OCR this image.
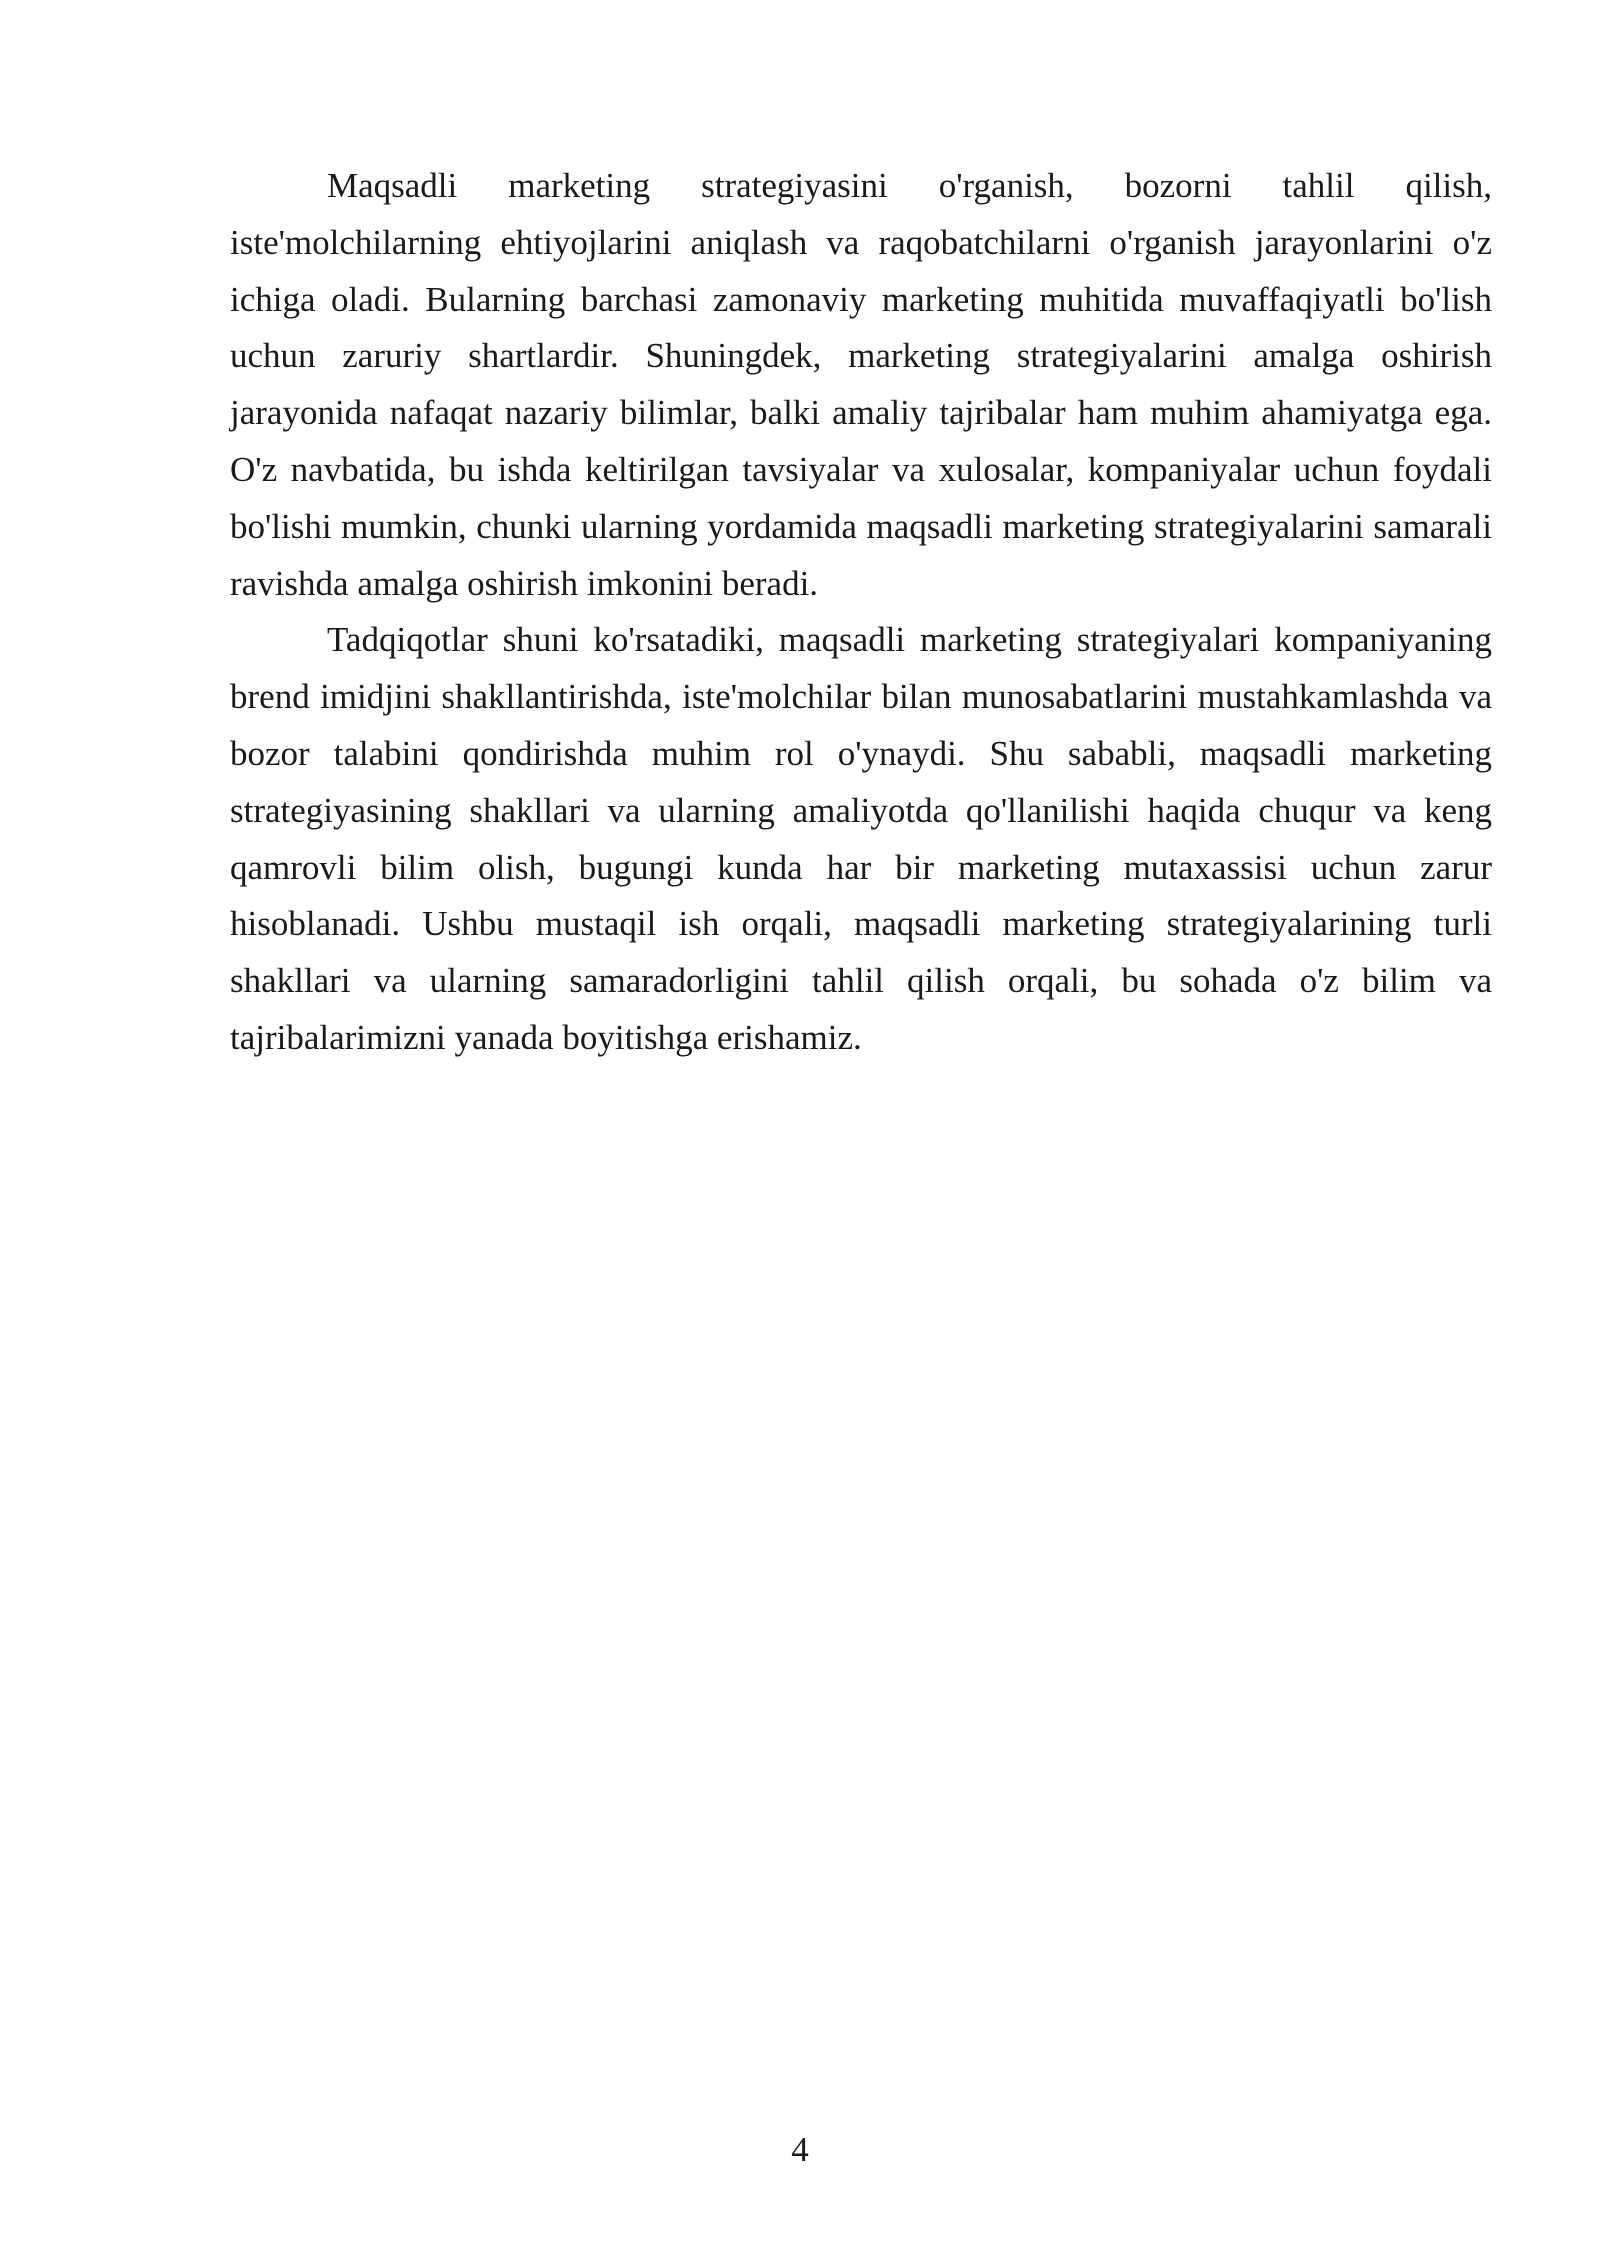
Maqsadli marketing strategiyasini o'rganish, bozorni tahlil qilish, iste'molchilarning ehtiyojlarini aniqlash va raqobatchilarni o'rganish jarayonlarini o'z ichiga oladi. Bularning barchasi zamonaviy marketing muhitida muvaffaqiyatli bo'lish uchun zaruriy shartlardir. Shuningdek, marketing strategiyalarini amalga oshirish jarayonida nafaqat nazariy bilimlar, balki amaliy tajribalar ham muhim ahamiyatga ega. O'z navbatida, bu ishda keltirilgan tavsiyalar va xulosalar, kompaniyalar uchun foydali bo'lishi mumkin, chunki ularning yordamida maqsadli marketing strategiyalarini samarali ravishda amalga oshirish imkonini beradi.

Tadqiqotlar shuni ko'rsatadiki, maqsadli marketing strategiyalari kompaniyaning brend imidjini shakllantirishda, iste'molchilar bilan munosabatlarini mustahkamlashda va bozor talabini qondirishda muhim rol o'ynaydi. Shu sababli, maqsadli marketing strategiyasining shakllari va ularning amaliyotda qo'llanilishi haqida chuqur va keng qamrovli bilim olish, bugungi kunda har bir marketing mutaxassisi uchun zarur hisoblanadi. Ushbu mustaqil ish orqali, maqsadli marketing strategiyalarining turli shakllari va ularning samaradorligini tahlil qilish orqali, bu sohada o'z bilim va tajribalarimizni yanada boyitishga erishamiz.

4
